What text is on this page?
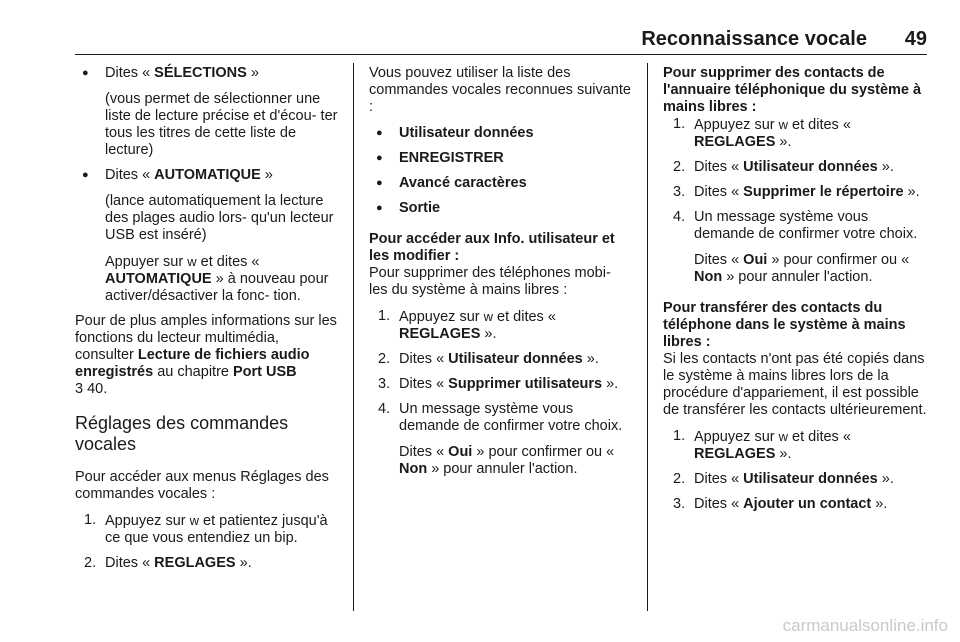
Reconnaissance vocale 49

● Dites « SÉLECTIONS »

(vous permet de sélectionner une liste de lecture précise et d'écou- ter tous les titres de cette liste de lecture)

● Dites « AUTOMATIQUE »

(lance automatiquement la lecture des plages audio lors- qu'un lecteur USB est inséré)

Appuyer sur w et dites « AUTOMATIQUE » à nouveau pour activer/désactiver la fonc- tion.

Pour de plus amples informations sur les fonctions du lecteur multimédia, consulter Lecture de fichiers audio enregistrés au chapitre Port USB
3 40.

Réglages des commandes vocales

Pour accéder aux menus Réglages des commandes vocales :

1. Appuyez sur w et patientez jusqu'à ce que vous entendiez un bip.
2. Dites « REGLAGES ».

Vous pouvez utiliser la liste des commandes vocales reconnues suivante :

● Utilisateur données
● ENREGISTRER
● Avancé caractères
● Sortie

Pour accéder aux Info. utilisateur et les modifier :

Pour supprimer des téléphones mobi- les du système à mains libres :

1. Appuyez sur w et dites « REGLAGES ».
2. Dites « Utilisateur données ».
3. Dites « Supprimer utilisateurs ».
4. Un message système vous demande de confirmer votre choix.

Dites « Oui » pour confirmer ou « Non » pour annuler l'action.

Pour supprimer des contacts de l'annuaire téléphonique du système à mains libres :

1. Appuyez sur w et dites « REGLAGES ».
2. Dites « Utilisateur données ».
3. Dites « Supprimer le répertoire ».
4. Un message système vous demande de confirmer votre choix.

Dites « Oui » pour confirmer ou « Non » pour annuler l'action.

Pour transférer des contacts du téléphone dans le système à mains libres :

Si les contacts n'ont pas été copiés dans le système à mains libres lors de la procédure d'appariement, il est possible de transférer les contacts ultérieurement.

1. Appuyez sur w et dites « REGLAGES ».
2. Dites « Utilisateur données ».
3. Dites « Ajouter un contact ».
carmanualsonline.info
